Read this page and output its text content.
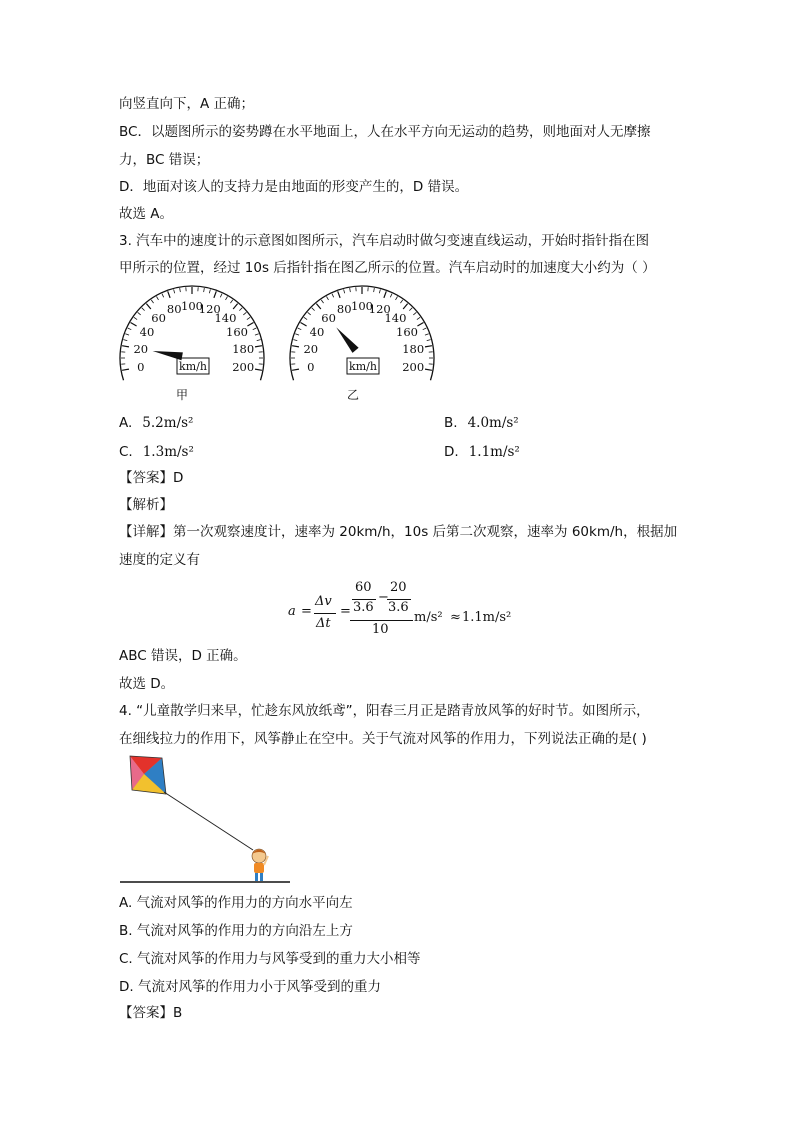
向竖直向下，A 正确；
BC．以题图所示的姿势蹲在水平地面上，人在水平方向无运动的趋势，则地面对人无摩擦
力，BC 错误；
D．地面对该人的支持力是由地面的形变产生的，D 错误。
故选 A。
3. 汽车中的速度计的示意图如图所示，汽车启动时做匀变速直线运动，开始时指针指在图
甲所示的位置，经过 10s 后指针指在图乙所示的位置。汽车启动时的加速度大小约为（ ）
0
20
40
60
80 100
120
140
160
180
200
km/h	0
20
40
60
80 100
120
140
160
180
200
km/h
甲	乙
A. 5.2m/s²	B. 4.0m/s²
C. 1.3m/s²	D. 1.1m/s²
【答案】D
【解析】
【详解】第一次观察速度计，速率为 20km/h，10s 后第二次观察，速率为 60km/h，根据加
速度的定义有
a =
Δv
Δt
=
60
3.6
−
20
3.6
10
m/s² ≈ 1.1m/s²
ABC 错误，D 正确。
故选 D。
4. “儿童散学归来早，忙趁东风放纸鸢”，阳春三月正是踏青放风筝的好时节。如图所示，
在细线拉力的作用下，风筝静止在空中。关于气流对风筝的作用力，下列说法正确的是( )
A. 气流对风筝的作用力的方向水平向左
B. 气流对风筝的作用力的方向沿左上方
C. 气流对风筝的作用力与风筝受到的重力大小相等
D. 气流对风筝的作用力小于风筝受到的重力
【答案】B
